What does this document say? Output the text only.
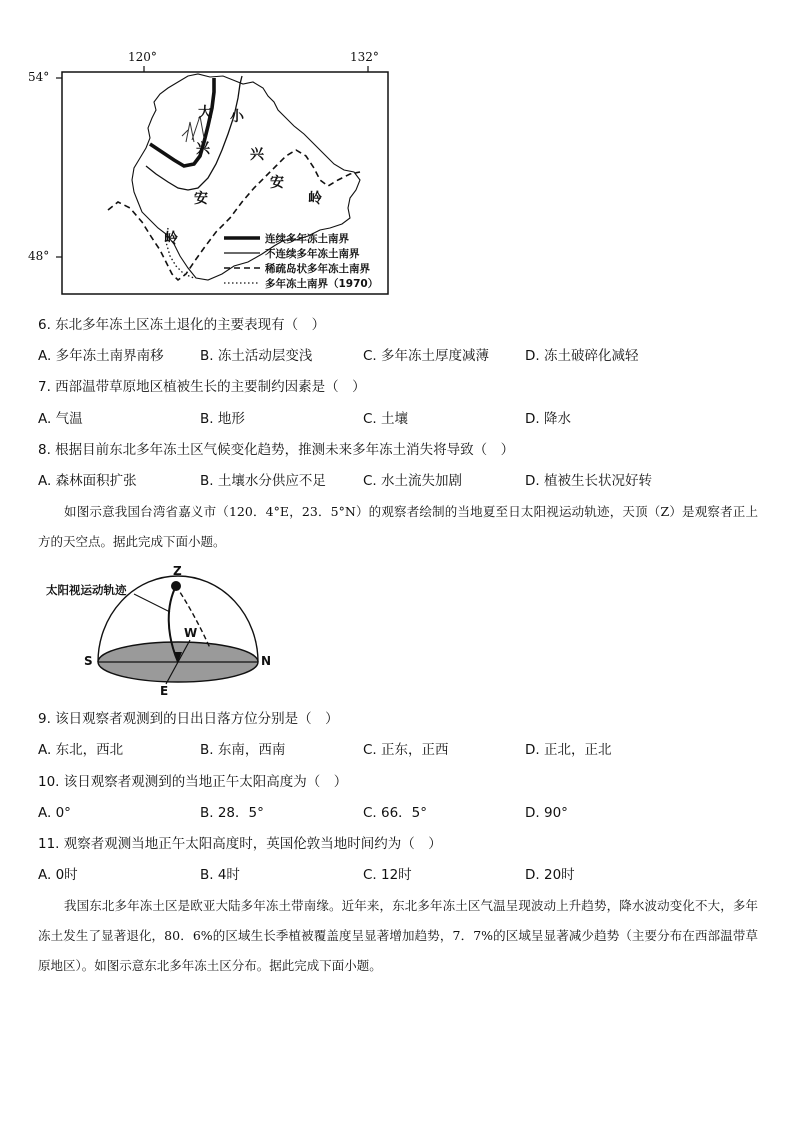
120°	132°
54°
48°
大 小
兴	兴
安
安
岭
岭
连续多年冻土南界
不连续多年冻土南界
稀疏岛状多年冻土南界
多年冻土南界（1970）
6. 东北多年冻土区冻土退化的主要表现有（　）
A. 多年冻土南界南移	B. 冻土活动层变浅	C. 多年冻土厚度减薄	D. 冻土破碎化减轻
7. 西部温带草原地区植被生长的主要制约因素是（　）
A. 气温	B. 地形	C. 土壤	D. 降水
8. 根据目前东北多年冻土区气候变化趋势，推测未来多年冻土消失将导致（　）
A. 森林面积扩张	B. 土壤水分供应不足	C. 水土流失加剧	D. 植被生长状况好转

如图示意我国台湾省嘉义市（120．4°E，23．5°N）的观察者绘制的当地夏至日太阳视运动轨迹，天顶（Z）是观察者正上方的天空点。据此完成下面小题。

太阳视运动轨迹
Z
S	N
W
E
9. 该日观察者观测到的日出日落方位分别是（　）
A. 东北，西北	B. 东南，西南	C. 正东，正西	D. 正北，正北
10. 该日观察者观测到的当地正午太阳高度为（　）
A. 0°	B. 28．5°	C. 66．5°	D. 90°
11. 观察者观测当地正午太阳高度时，英国伦敦当地时间约为（　）
A. 0时	B. 4时	C. 12时	D. 20时

我国东北多年冻土区是欧亚大陆多年冻土带南缘。近年来，东北多年冻土区气温呈现波动上升趋势，降水波动变化不大，多年冻土发生了显著退化，80．6%的区域生长季植被覆盖度呈显著增加趋势，7．7%的区域呈显著减少趋势（主要分布在西部温带草原地区）。如图示意东北多年冻土区分布。据此完成下面小题。
